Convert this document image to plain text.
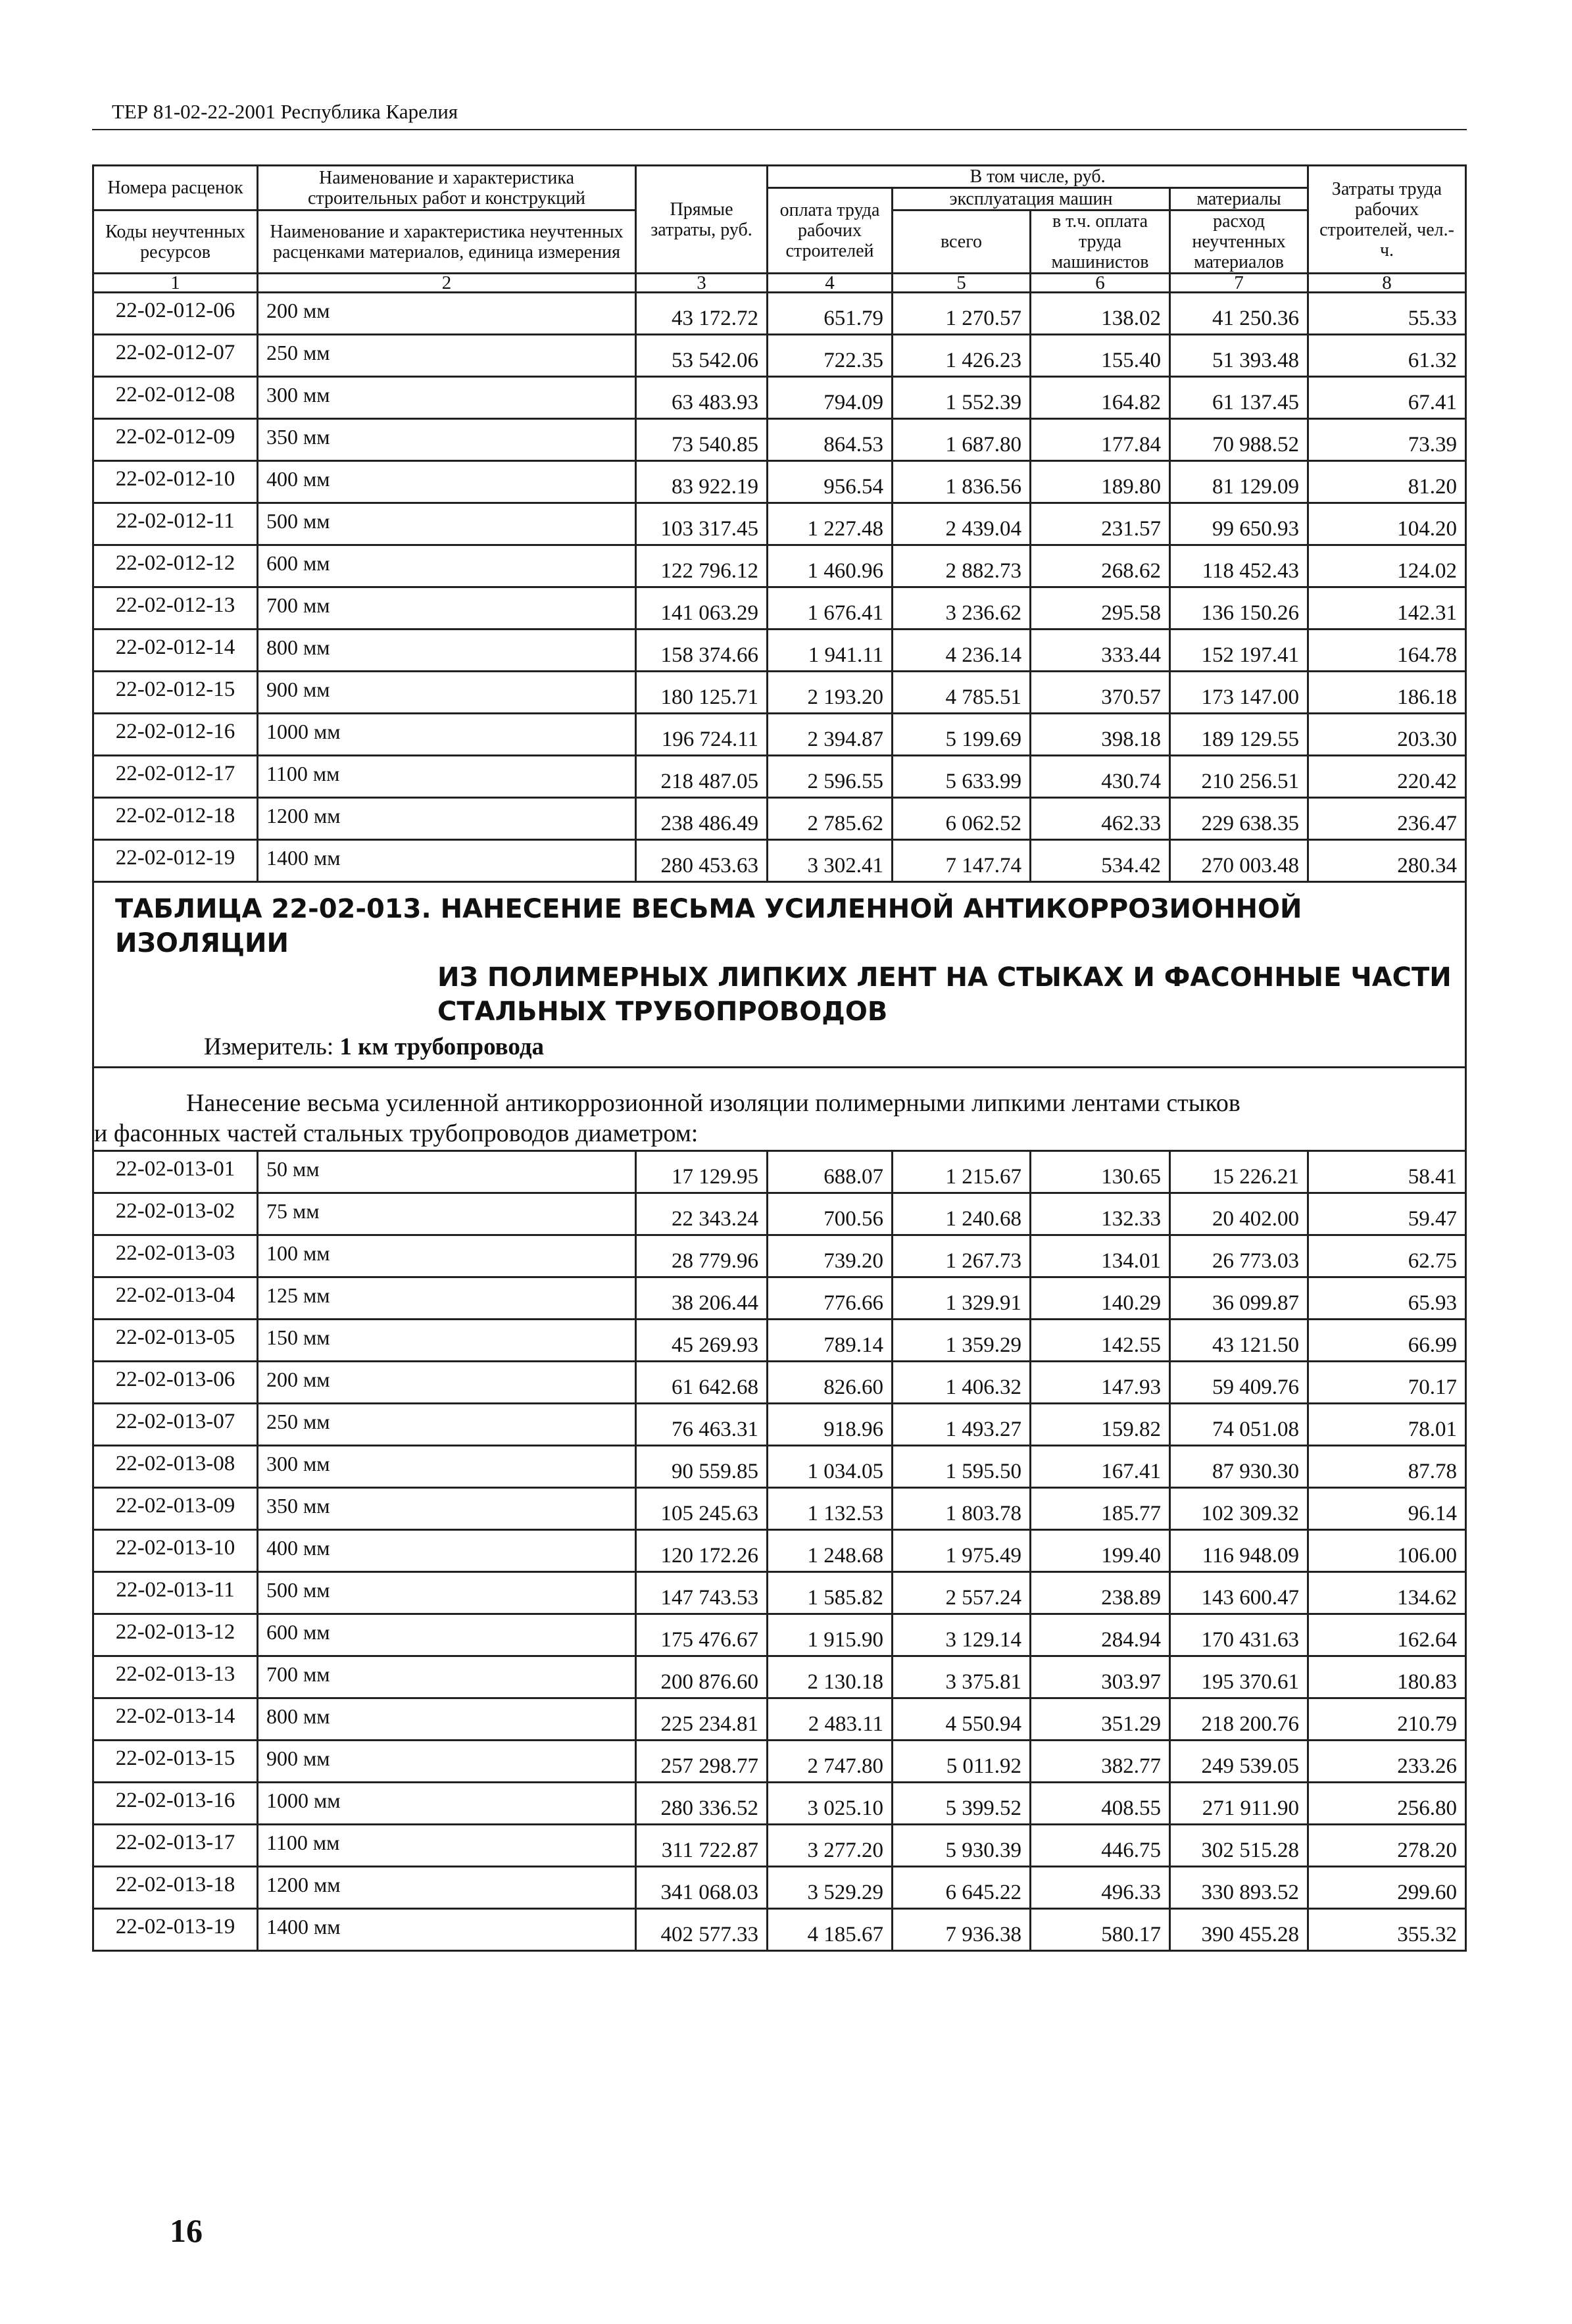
ТЕР 81-02-22-2001 Республика Карелия
Номера расценок	Наименование и характеристика строительных работ и конструкций	Прямые затраты, руб.	В том числе, руб.				Затраты труда рабочих строителей, чел.-ч.
			оплата труда рабочих строителей	эксплуатация машин		материалы	
Коды неучтенных ресурсов	Наименование и характеристика неучтенных расценками материалов, единица измерения			всего	в т.ч. оплата труда машинистов	расход неучтенных материалов	

1	2	3	4	5	6	7	8
22-02-012-06	200 мм	43 172.72	651.79	1 270.57	138.02	41 250.36	55.33
22-02-012-07	250 мм	53 542.06	722.35	1 426.23	155.40	51 393.48	61.32
22-02-012-08	300 мм	63 483.93	794.09	1 552.39	164.82	61 137.45	67.41
22-02-012-09	350 мм	73 540.85	864.53	1 687.80	177.84	70 988.52	73.39
22-02-012-10	400 мм	83 922.19	956.54	1 836.56	189.80	81 129.09	81.20
22-02-012-11	500 мм	103 317.45	1 227.48	2 439.04	231.57	99 650.93	104.20
22-02-012-12	600 мм	122 796.12	1 460.96	2 882.73	268.62	118 452.43	124.02
22-02-012-13	700 мм	141 063.29	1 676.41	3 236.62	295.58	136 150.26	142.31
22-02-012-14	800 мм	158 374.66	1 941.11	4 236.14	333.44	152 197.41	164.78
22-02-012-15	900 мм	180 125.71	2 193.20	4 785.51	370.57	173 147.00	186.18
22-02-012-16	1000 мм	196 724.11	2 394.87	5 199.69	398.18	189 129.55	203.30
22-02-012-17	1100 мм	218 487.05	2 596.55	5 633.99	430.74	210 256.51	220.42
22-02-012-18	1200 мм	238 486.49	2 785.62	6 062.52	462.33	229 638.35	236.47
22-02-012-19	1400 мм	280 453.63	3 302.41	7 147.74	534.42	270 003.48	280.34

ТАБЛИЦА 22-02-013. НАНЕСЕНИЕ ВЕСЬМА УСИЛЕННОЙ АНТИКОРРОЗИОННОЙ ИЗОЛЯЦИИ
ИЗ ПОЛИМЕРНЫХ ЛИПКИХ ЛЕНТ НА СТЫКАХ И ФАСОННЫЕ ЧАСТИ
СТАЛЬНЫХ ТРУБОПРОВОДОВ
Измеритель: 1 км трубопровода							

Нанесение весьма усиленной антикоррозионной изоляции полимерными липкими лентами стыков
и фасонных частей стальных трубопроводов диаметром:							

22-02-013-01	50 мм	17 129.95	688.07	1 215.67	130.65	15 226.21	58.41
22-02-013-02	75 мм	22 343.24	700.56	1 240.68	132.33	20 402.00	59.47
22-02-013-03	100 мм	28 779.96	739.20	1 267.73	134.01	26 773.03	62.75
22-02-013-04	125 мм	38 206.44	776.66	1 329.91	140.29	36 099.87	65.93
22-02-013-05	150 мм	45 269.93	789.14	1 359.29	142.55	43 121.50	66.99
22-02-013-06	200 мм	61 642.68	826.60	1 406.32	147.93	59 409.76	70.17
22-02-013-07	250 мм	76 463.31	918.96	1 493.27	159.82	74 051.08	78.01
22-02-013-08	300 мм	90 559.85	1 034.05	1 595.50	167.41	87 930.30	87.78
22-02-013-09	350 мм	105 245.63	1 132.53	1 803.78	185.77	102 309.32	96.14
22-02-013-10	400 мм	120 172.26	1 248.68	1 975.49	199.40	116 948.09	106.00
22-02-013-11	500 мм	147 743.53	1 585.82	2 557.24	238.89	143 600.47	134.62
22-02-013-12	600 мм	175 476.67	1 915.90	3 129.14	284.94	170 431.63	162.64
22-02-013-13	700 мм	200 876.60	2 130.18	3 375.81	303.97	195 370.61	180.83
22-02-013-14	800 мм	225 234.81	2 483.11	4 550.94	351.29	218 200.76	210.79
22-02-013-15	900 мм	257 298.77	2 747.80	5 011.92	382.77	249 539.05	233.26
22-02-013-16	1000 мм	280 336.52	3 025.10	5 399.52	408.55	271 911.90	256.80
22-02-013-17	1100 мм	311 722.87	3 277.20	5 930.39	446.75	302 515.28	278.20
22-02-013-18	1200 мм	341 068.03	3 529.29	6 645.22	496.33	330 893.52	299.60
22-02-013-19	1400 мм	402 577.33	4 185.67	7 936.38	580.17	390 455.28	355.32
16
